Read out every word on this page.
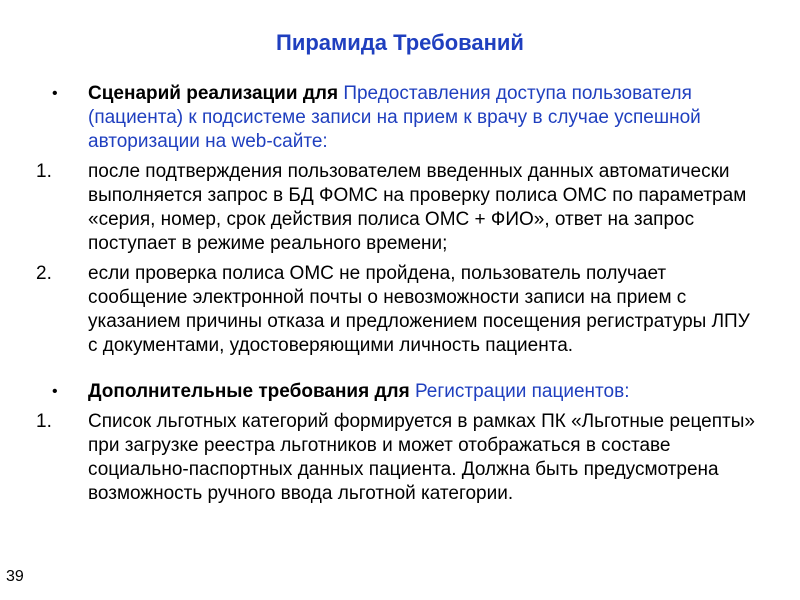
Пирамида Требований
• Сценарий реализации для Предоставления доступа пользователя (пациента) к подсистеме записи на прием к врачу в случае успешной авторизации на web-сайте:
1. после подтверждения пользователем введенных данных автоматически выполняется запрос в БД ФОМС на проверку полиса ОМС по параметрам «серия, номер, срок действия полиса ОМС + ФИО», ответ на запрос поступает в режиме реального времени;
2. если проверка полиса ОМС не пройдена, пользователь получает сообщение электронной почты о невозможности записи на прием с указанием причины отказа и предложением посещения регистратуры ЛПУ с документами, удостоверяющими личность пациента.
• Дополнительные требования для Регистрации пациентов:
1. Список льготных категорий формируется в рамках ПК «Льготные рецепты» при загрузке реестра льготников и может отображаться в составе социально-паспортных данных пациента. Должна быть предусмотрена возможность ручного ввода льготной категории.
39
